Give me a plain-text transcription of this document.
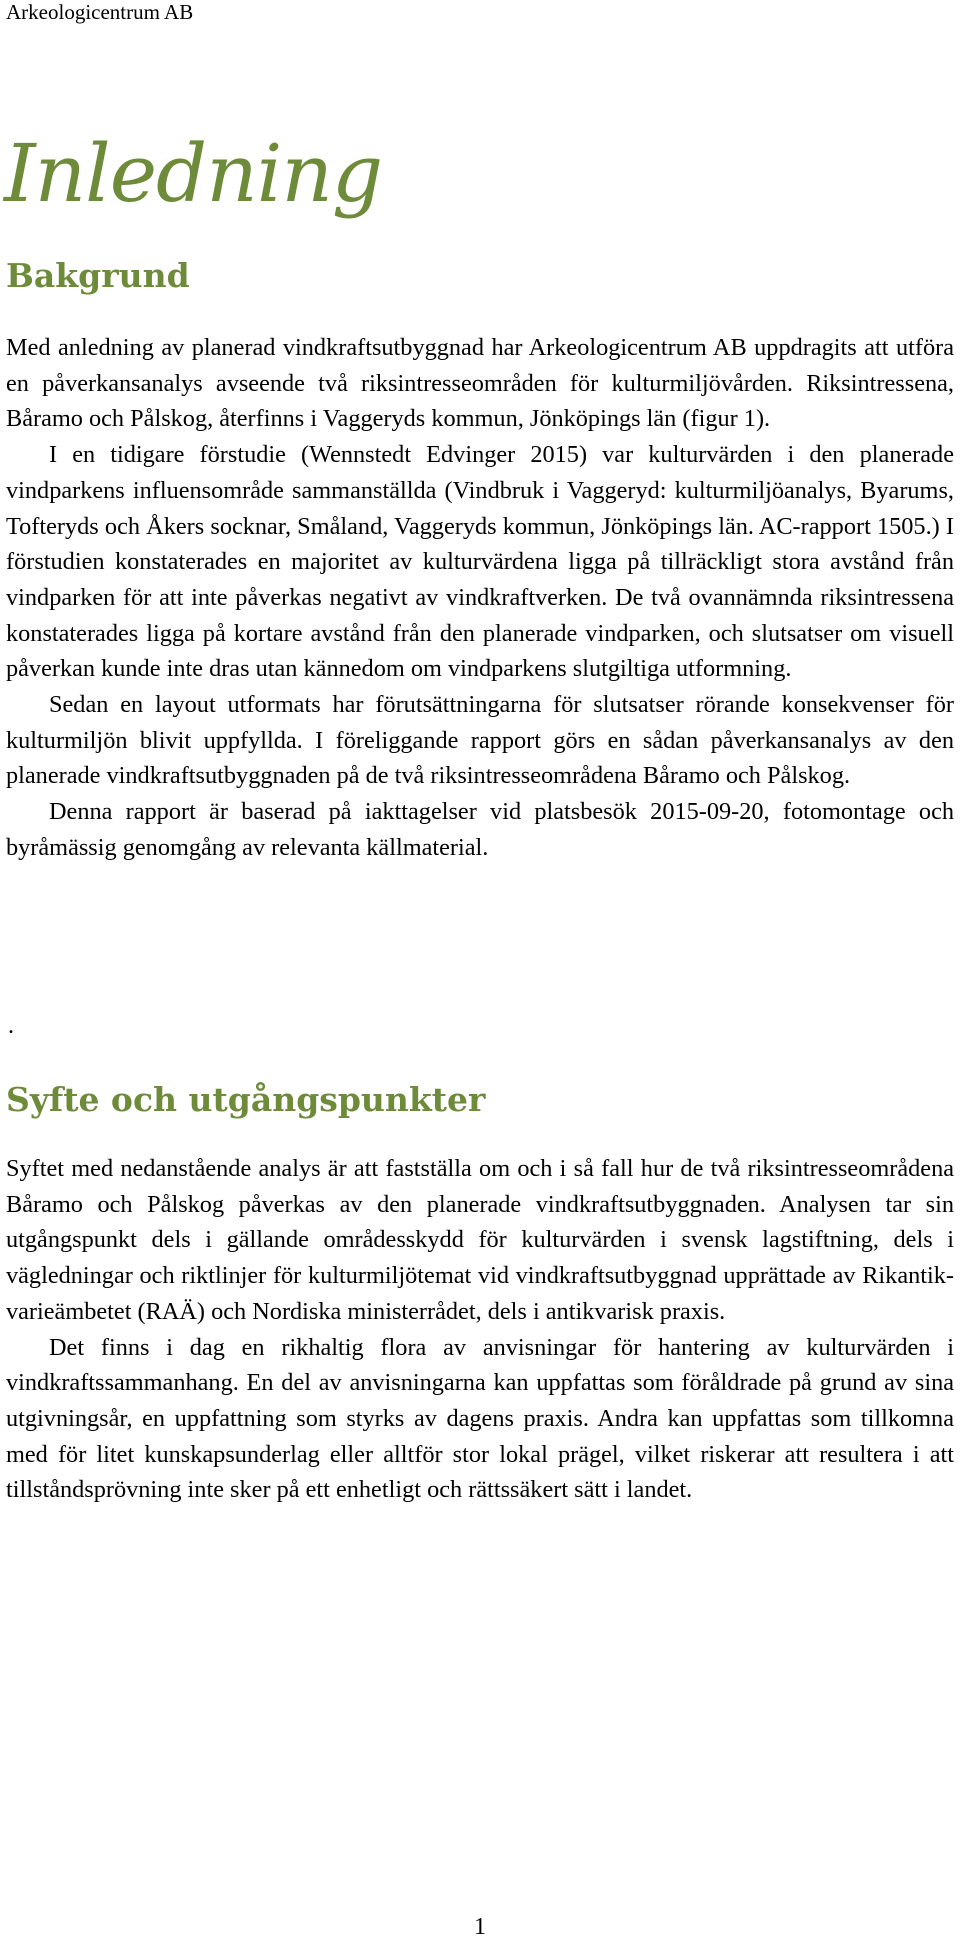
Arkeologicentrum AB
Inledning
Bakgrund

Med anledning av planerad vindkraftsutbyggnad har Arkeologicentrum AB uppdragits att utföra en påverkansanalys avseende två riksintresseområden för kulturmiljövården. Riksintressena, Båramo och Pålskog, återfinns i Vaggeryds kommun, Jönköpings län (figur 1).

I en tidigare förstudie (Wennstedt Edvinger 2015) var kulturvärden i den planerade vindparkens influensområde sammanställda (Vindbruk i Vaggeryd: kulturmiljöanalys, Byarums, Tofteryds och Åkers socknar, Småland, Vaggeryds kommun, Jönköpings län. AC-rapport 1505.) I förstudien konstaterades en majoritet av kulturvärdena ligga på tillräckligt stora avstånd från vindparken för att inte påverkas negativt av vindkraftverken. De två ovannämnda riksintressena konstaterades ligga på kortare avstånd från den planerade vindparken, och slutsatser om visuell påverkan kunde inte dras utan kännedom om vindparkens slutgiltiga utformning.

Sedan en layout utformats har förutsättningarna för slutsatser rörande konsekvenser för kulturmiljön blivit uppfyllda. I föreliggande rapport görs en sådan påverkansanalys av den planerade vindkraftsutbyggnaden på de två riksintresseområdena Båramo och Pålskog.

Denna rapport är baserad på iakttagelser vid platsbesök 2015-09-20, fotomontage och byråmässig genomgång av relevanta källmaterial.

.
Syfte och utgångspunkter

Syftet med nedanstående analys är att fastställa om och i så fall hur de två riksintresseområdena Båramo och Pålskog påverkas av den planerade vindkraftsutbyggnaden. Analysen tar sin utgångspunkt dels i gällande områdesskydd för kulturvärden i svensk lagstiftning, dels i vägledningar och riktlinjer för kulturmiljötemat vid vindkraftsutbyggnad upprättade av Rikantikvarieämbetet (RAÄ) och Nordiska ministerrådet, dels i antikvarisk praxis.

Det finns i dag en rikhaltig flora av anvisningar för hantering av kulturvärden i vindkraftssammanhang. En del av anvisningarna kan uppfattas som föråldrade på grund av sina utgivningsår, en uppfattning som styrks av dagens praxis. Andra kan uppfattas som tillkomna med för litet kunskapsunderlag eller alltför stor lokal prägel, vilket riskerar att resultera i att tillståndsprövning inte sker på ett enhetligt och rättssäkert sätt i landet.

1
